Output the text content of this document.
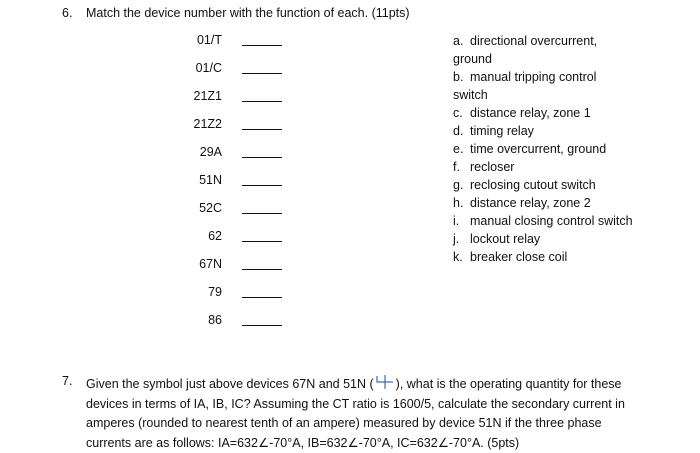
6. Match the device number with the function of each. (11pts)
01/T
01/C
21Z1
21Z2
29A
51N
52C
62
67N
79
86
a. directional overcurrent,
ground
b. manual tripping control
switch
c. distance relay, zone 1
d. timing relay
e. time overcurrent, ground
f. recloser
g. reclosing cutout switch
h. distance relay, zone 2
i. manual closing control switch
j. lockout relay
k. breaker close coil
7. Given the symbol just above devices 67N and 51N ( ), what is the operating quantity for these devices in terms of IA, IB, IC? Assuming the CT ratio is 1600/5, calculate the secondary current in amperes (rounded to nearest tenth of an ampere) measured by device 51N if the three phase currents are as follows: IA=632∠-70°A, IB=632∠-70°A, IC=632∠-70°A. (5pts)
